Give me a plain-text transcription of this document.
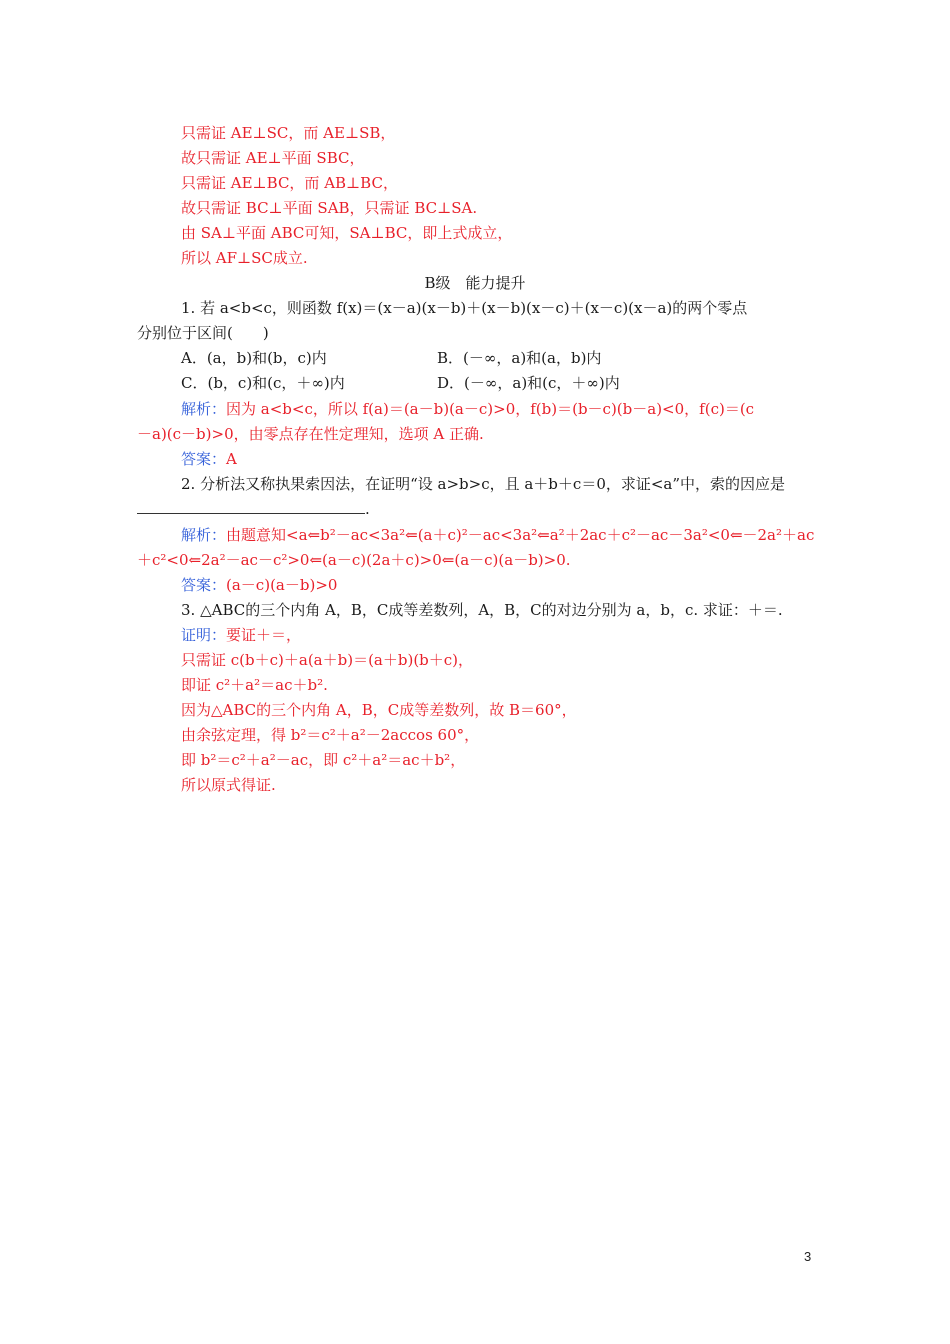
只需证 AE⊥SC，而 AE⊥SB，
故只需证 AE⊥平面 SBC，
只需证 AE⊥BC，而 AB⊥BC，
故只需证 BC⊥平面 SAB，只需证 BC⊥SA.
由 SA⊥平面 ABC可知，SA⊥BC，即上式成立，
所以 AF⊥SC成立.
B级　能力提升
1. 若 a<b<c，则函数 f(x)＝(x－a)(x－b)＋(x－b)(x－c)＋(x－c)(x－a)的两个零点
分别位于区间(　　)
A．(a，b)和(b，c)内	B．(－∞，a)和(a，b)内
C．(b，c)和(c，＋∞)内	D．(－∞，a)和(c，＋∞)内
解析：因为 a<b<c，所以 f(a)＝(a－b)(a－c)>0，f(b)＝(b－c)(b－a)<0，f(c)＝(c
－a)(c－b)>0，由零点存在性定理知，选项 A 正确.
答案：A
2. 分析法又称执果索因法，在证明“设 a>b>c，且 a＋b＋c＝0，求证<a”中，索的因应是
.
解析：由题意知<a⇐b²－ac<3a²⇐(a＋c)²－ac<3a²⇐a²＋2ac＋c²－ac－3a²<0⇐－2a²＋ac
＋c²<0⇐2a²－ac－c²>0⇐(a－c)(2a＋c)>0⇐(a－c)(a－b)>0.
答案：(a－c)(a－b)>0
3. △ABC的三个内角 A，B，C成等差数列，A，B，C的对边分别为 a，b，c. 求证：＋＝.
证明：要证＋＝，
只需证 c(b＋c)＋a(a＋b)＝(a＋b)(b＋c)，
即证 c²＋a²＝ac＋b².
因为△ABC的三个内角 A，B，C成等差数列，故 B＝60°，
由余弦定理，得 b²＝c²＋a²－2accos 60°，
即 b²＝c²＋a²－ac，即 c²＋a²＝ac＋b²，
所以原式得证.
3
